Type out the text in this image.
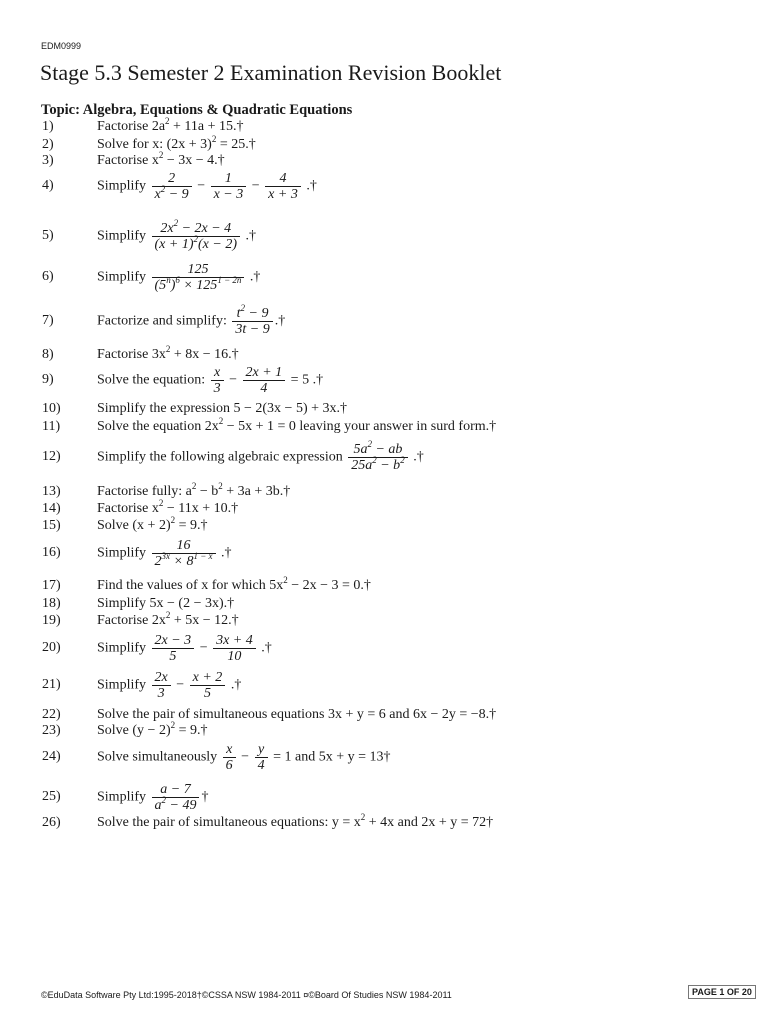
EDM0999
Stage 5.3 Semester 2 Examination Revision Booklet
Topic: Algebra, Equations & Quadratic Equations
1)	Factorise $2a^2 + 11a$ + 15.†
2)	Solve for x: $(2x + 3)^2$ = 25.†
3)	Factorise $x^2 - 3x$ − 4.†
4)	Simplify $\frac{2}{x^2 - 9} - \frac{1}{x - 3} - \frac{4}{x + 3}$ .†
5)	Simplify $\frac{2x^2 - 2x - 4}{(x + 1)^2(x - 2)}$ .†
6)	Simplify $\frac{125}{(5^n)^6 \times 125^{1 - 2n}}$ .†
7)	Factorize and simplify: $\frac{t^2 - 9}{3t - 9}$ .†
8)	Factorise $3x^2 + 8x$ − 16.†
9)	Solve the equation: $\frac{x}{3} - \frac{2x + 1}{4} = 5$ .†
10)	Simplify the expression 5 − 2(3x − 5) + 3x.†
11)	Solve the equation $2x^2 - 5x + 1 = 0$ leaving your answer in surd form.†
12)	Simplify the following algebraic expression $\frac{5a^2 - ab}{25a^2 - b^2}$ .†
13)	Factorise fully: $a^2 - b^2 + 3a$ + 3b.†
14)	Factorise $x^2 - 11x$ + 10.†
15)	Solve $(x + 2)^2$ = 9.†
16)	Simplify $\frac{16}{2^{3x} \times 8^{1 - x}}$ .†
17)	Find the values of x for which $5x^2 - 2x - 3$ = 0.†
18)	Simplify 5x − (2 − 3x).†
19)	Factorise $2x^2 + 5x$ − 12.†
20)	Simplify $\frac{2x - 3}{5} - \frac{3x + 4}{10}$ .†
21)	Simplify $\frac{2x}{3} - \frac{x + 2}{5}$ .†
22)	Solve the pair of simultaneous equations 3x + y = 6 and 6x − 2y = −8.†
23)	Solve $(y - 2)^2$ = 9.†
24)	Solve simultaneously $\frac{x}{6} - \frac{y}{4} = 1$ and 5x + y = 13†
25)	Simplify $\frac{a - 7}{a^2 - 49}$ †
26)	Solve the pair of simultaneous equations: $y = x^2 + 4x$ and 2x + y = 72†
©EduData Software Pty Ltd:1995-2018†©CSSA NSW 1984-2011 ¤©Board Of Studies NSW 1984-2011	PAGE 1 OF 20
